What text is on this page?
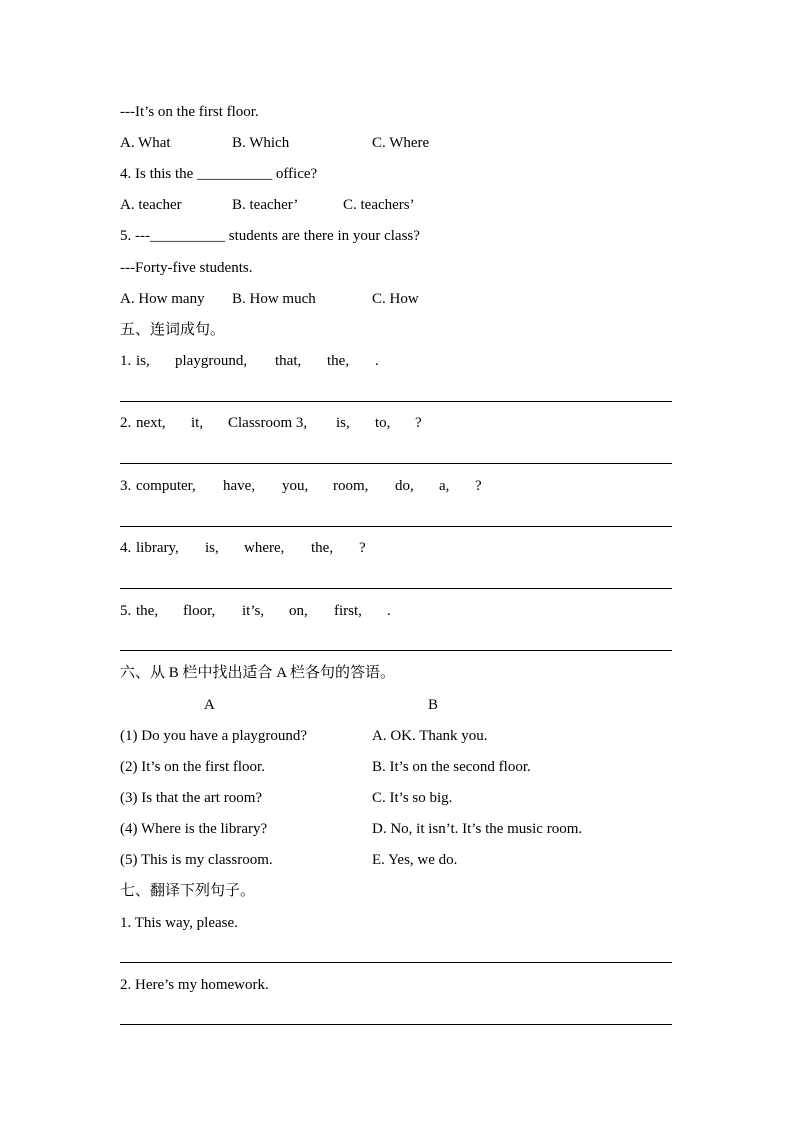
---It’s on the first floor.
A. What	B. Which	C. Where
4. Is this the __________ office?
A. teacher	B. teacher’	C. teachers’
5. ---__________ students are there in your class?
---Forty-five students.
A. How many B. How much	C. How
五、连词成句。
1. is, playground, that, the, .
2. next, it, Classroom 3, is, to, ?
3. computer, have, you, room, do, a, ?
4. library, is, where, the, ?
5. the, floor, it’s, on, first, .
六、从 B 栏中找出适合 A 栏各句的答语。
A	B
(1) Do you have a playground?	A. OK. Thank you.
(2) It’s on the first floor.	B. It’s on the second floor.
(3) Is that the art room?	C. It’s so big.
(4) Where is the library?	D. No, it isn’t. It’s the music room.
(5) This is my classroom.	E. Yes, we do.
七、翻译下列句子。
1. This way, please.
2. Here’s my homework.
